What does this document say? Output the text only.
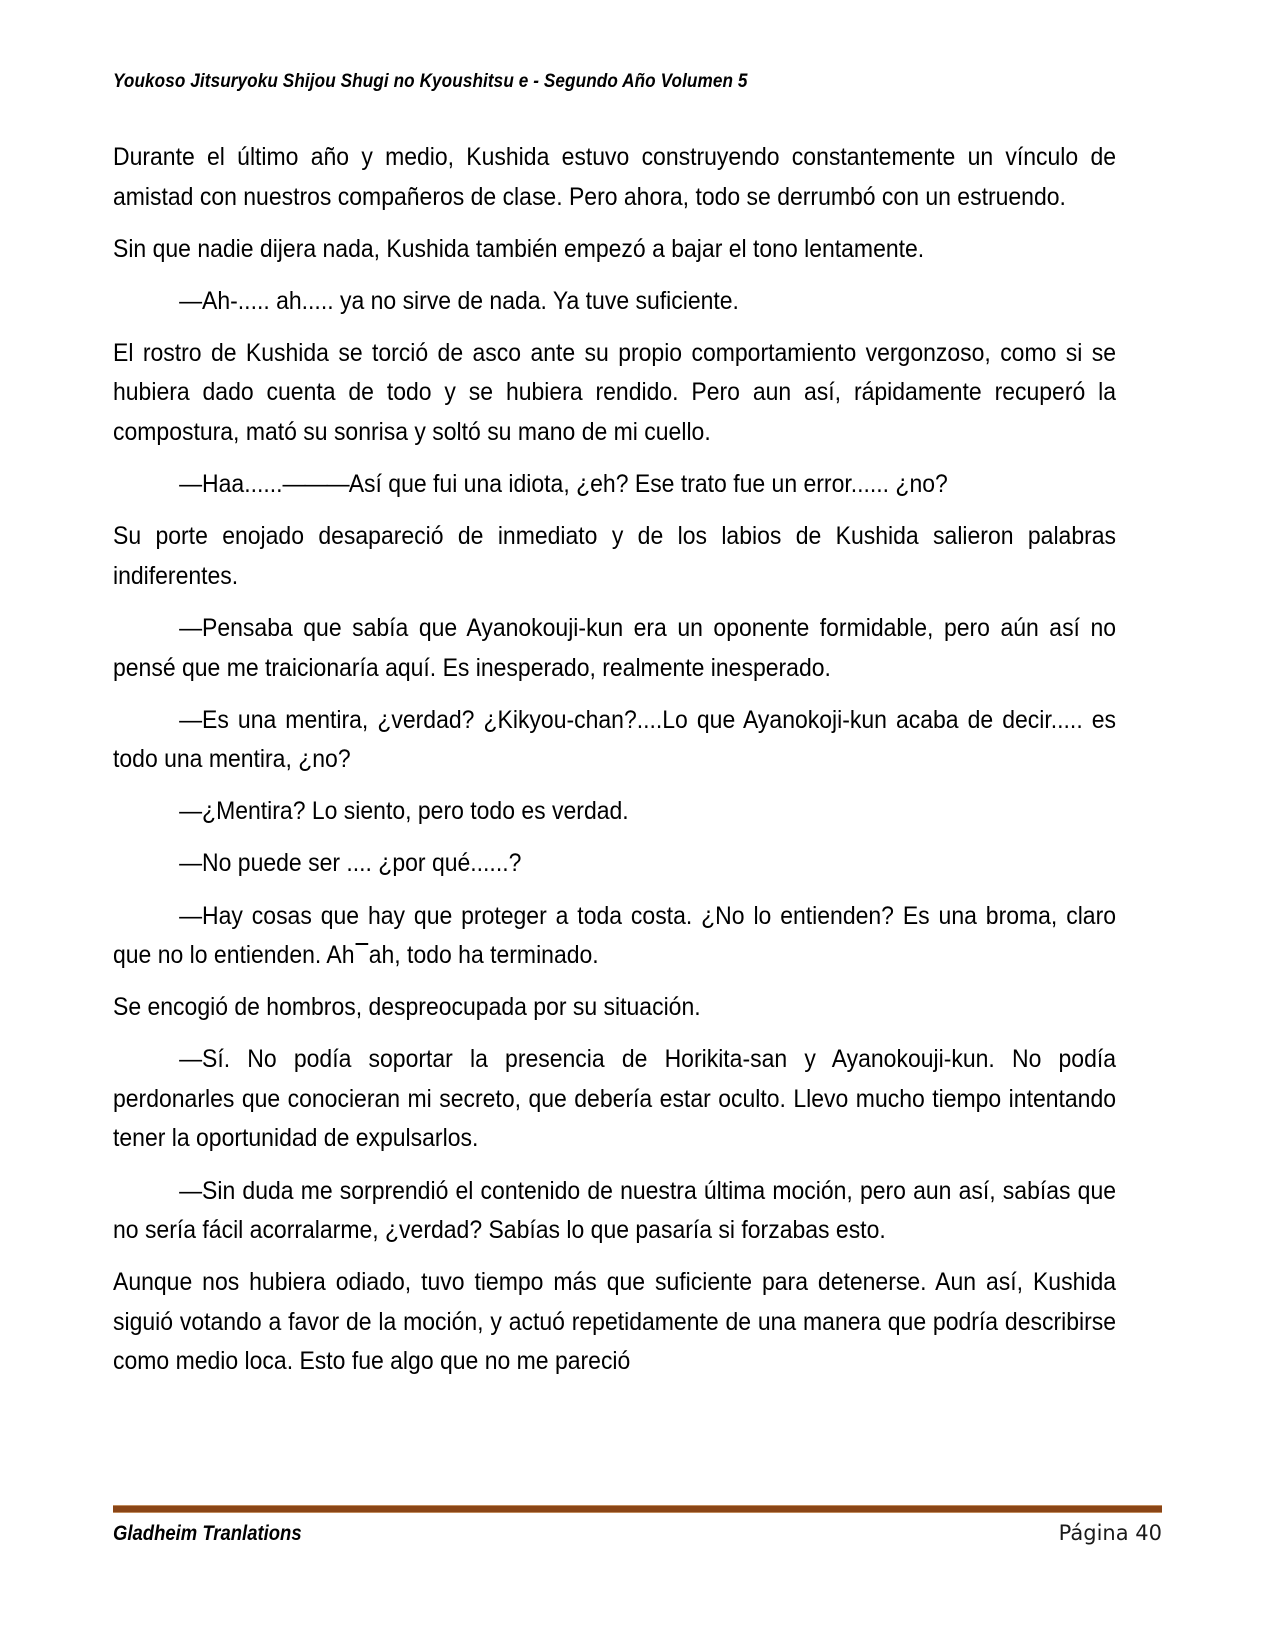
Youkoso Jitsuryoku Shijou Shugi no Kyoushitsu e - Segundo Año Volumen 5

Durante el último año y medio, Kushida estuvo construyendo constantemente un vínculo de amistad con nuestros compañeros de clase. Pero ahora, todo se derrumbó con un estruendo.

Sin que nadie dijera nada, Kushida también empezó a bajar el tono lentamente.

—Ah-..... ah..... ya no sirve de nada. Ya tuve suficiente.

El rostro de Kushida se torció de asco ante su propio comportamiento vergonzoso, como si se hubiera dado cuenta de todo y se hubiera rendido. Pero aun así, rápidamente recuperó la compostura, mató su sonrisa y soltó su mano de mi cuello.

—Haa......———Así que fui una idiota, ¿eh? Ese trato fue un error...... ¿no?

Su porte enojado desapareció de inmediato y de los labios de Kushida salieron palabras indiferentes.

—Pensaba que sabía que Ayanokouji-kun era un oponente formidable, pero aún así no pensé que me traicionaría aquí. Es inesperado, realmente inesperado.

—Es una mentira, ¿verdad? ¿Kikyou-chan?....Lo que Ayanokoji-kun acaba de decir..... es todo una mentira, ¿no?

—¿Mentira? Lo siento, pero todo es verdad.

—No puede ser .... ¿por qué......?

—Hay cosas que hay que proteger a toda costa. ¿No lo entienden? Es una broma, claro que no lo entienden. Ah ah, todo ha terminado.

Se encogió de hombros, despreocupada por su situación.

—Sí. No podía soportar la presencia de Horikita-san y Ayanokouji-kun. No podía perdonarles que conocieran mi secreto, que debería estar oculto. Llevo mucho tiempo intentando tener la oportunidad de expulsarlos.

—Sin duda me sorprendió el contenido de nuestra última moción, pero aun así, sabías que no sería fácil acorralarme, ¿verdad? Sabías lo que pasaría si forzabas esto.

Aunque nos hubiera odiado, tuvo tiempo más que suficiente para detenerse. Aun así, Kushida siguió votando a favor de la moción, y actuó repetidamente de una manera que podría describirse como medio loca. Esto fue algo que no me pareció

Gladheim Tranlations	Página 40
